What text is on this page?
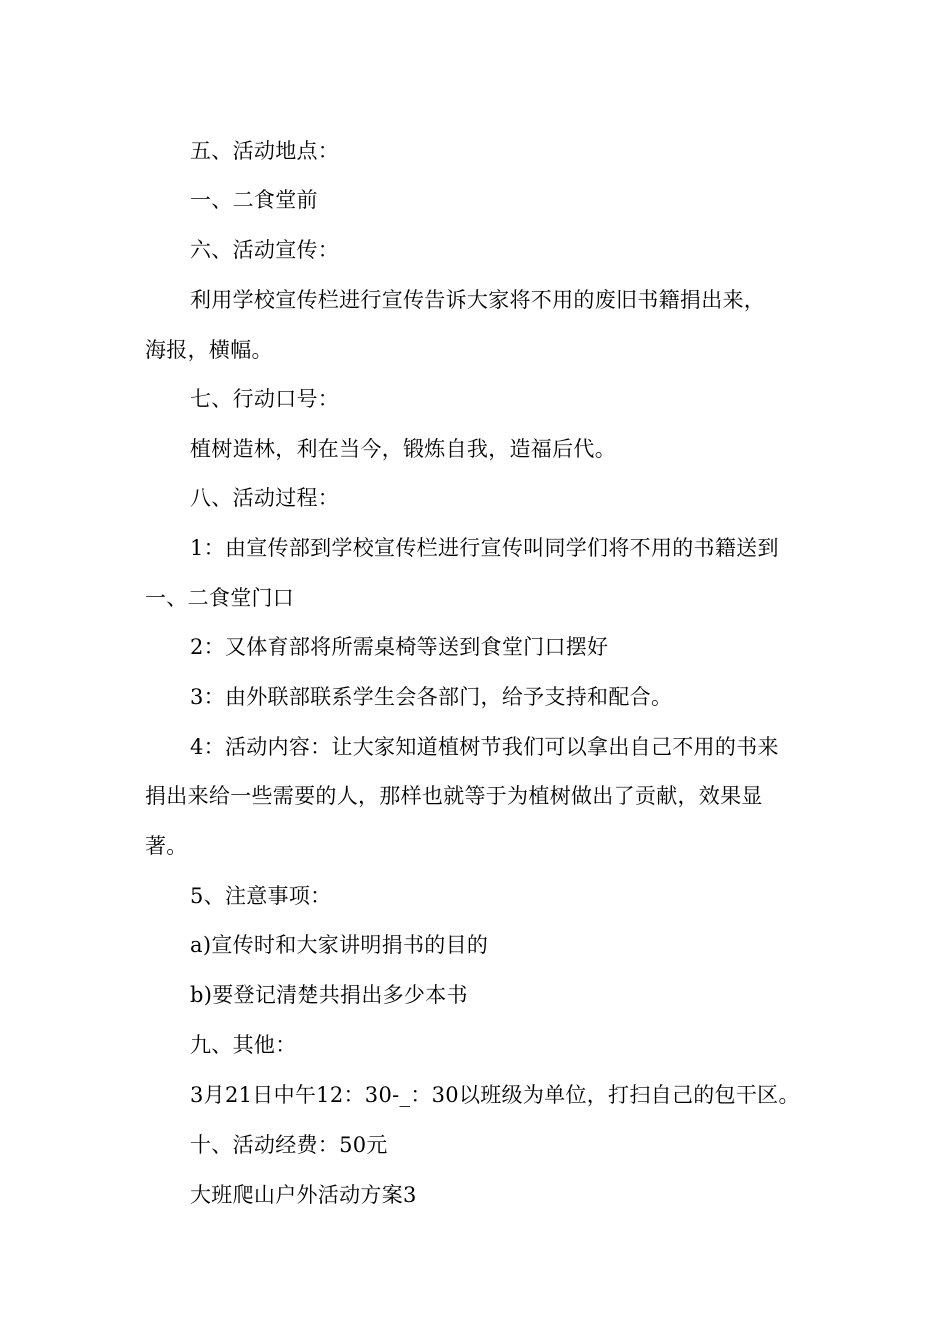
五、活动地点：
一、二食堂前
六、活动宣传：
利用学校宣传栏进行宣传告诉大家将不用的废旧书籍捐出来，
海报，横幅。
七、行动口号：
植树造林，利在当今，锻炼自我，造福后代。
八、活动过程：
1：由宣传部到学校宣传栏进行宣传叫同学们将不用的书籍送到
一、二食堂门口
2：又体育部将所需桌椅等送到食堂门口摆好
3：由外联部联系学生会各部门，给予支持和配合。
4：活动内容：让大家知道植树节我们可以拿出自己不用的书来
捐出来给一些需要的人，那样也就等于为植树做出了贡献，效果显
著。
5、注意事项：
a)宣传时和大家讲明捐书的目的
b)要登记清楚共捐出多少本书
九、其他：
3月21日中午12：30-_：30以班级为单位，打扫自己的包干区。
十、活动经费：50元
大班爬山户外活动方案3
